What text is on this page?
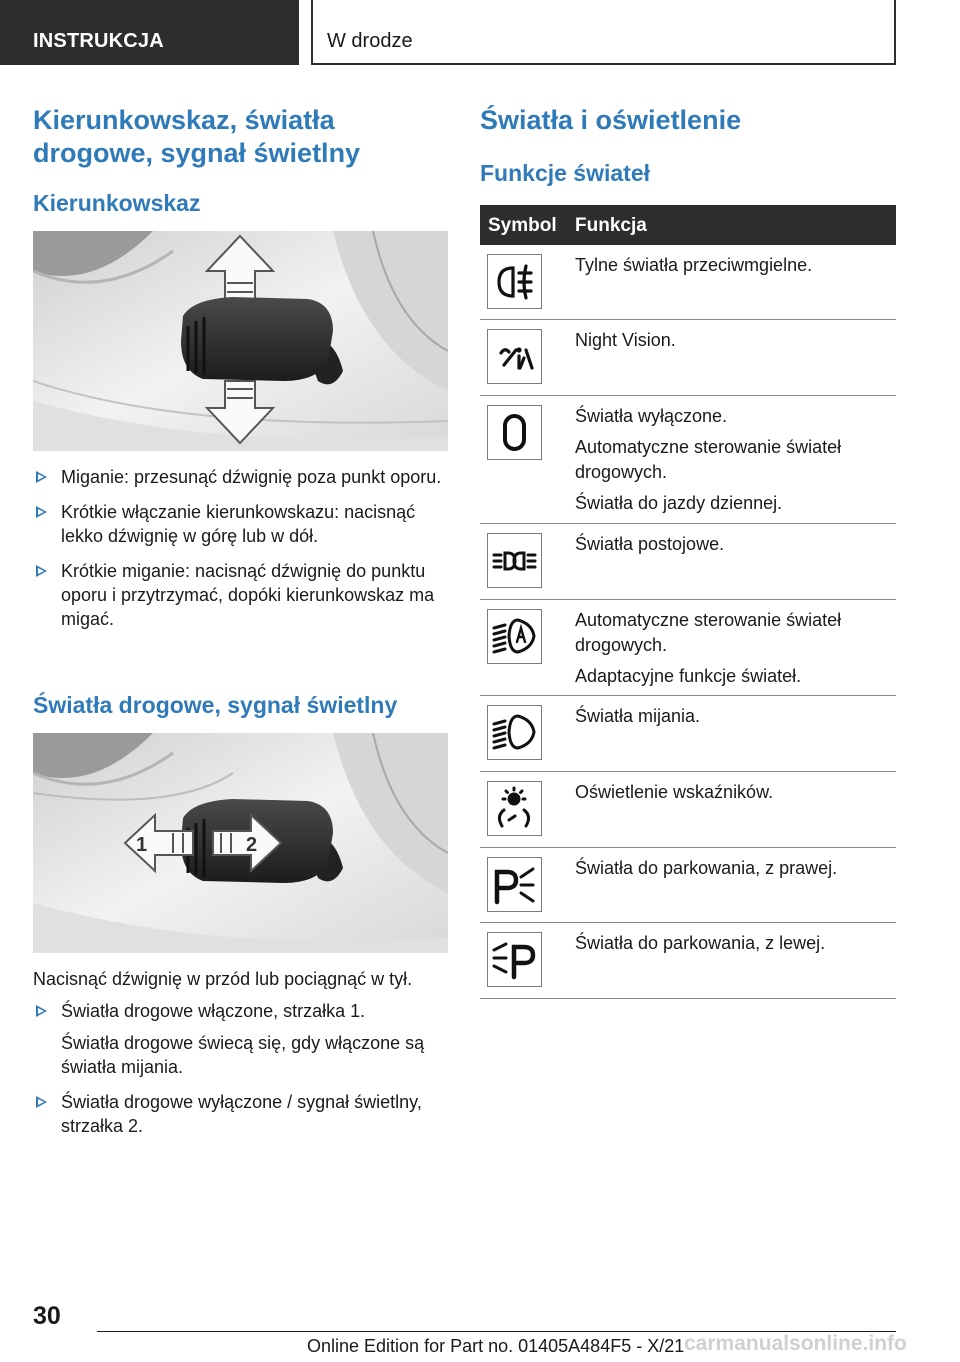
INSTRUKCJA	W drodze
Kierunkowskaz, światła drogowe, sygnał świetlny
Kierunkowskaz
Miganie: przesunąć dźwignię poza punkt oporu.
Krótkie włączanie kierunkowskazu: nacisnąć lekko dźwignię w górę lub w dół.
Krótkie miganie: nacisnąć dźwignię do punktu oporu i przytrzymać, dopóki kierunkowskaz ma migać.
Światła drogowe, sygnał świetlny
1	2
Nacisnąć dźwignię w przód lub pociągnąć w tył.
Światła drogowe włączone, strzałka 1.
Światła drogowe świecą się, gdy włączone są światła mijania.
Światła drogowe wyłączone / sygnał świetlny, strzałka 2.
Światła i oświetlenie
Funkcje świateł
Symbol Funkcja

Tylne światła przeciwmgielne.

Night Vision.

Światła wyłączone.

Automatyczne sterowanie świateł drogowych.

Światła do jazdy dziennej.

Światła postojowe.

Automatyczne sterowanie świateł drogowych.

Adaptacyjne funkcje świateł.

Światła mijania.

Oświetlenie wskaźników.

Światła do parkowania, z prawej.

Światła do parkowania, z lewej.

30
Online Edition for Part no. 01405A484F5 - X/21 carmanualsonline.info
